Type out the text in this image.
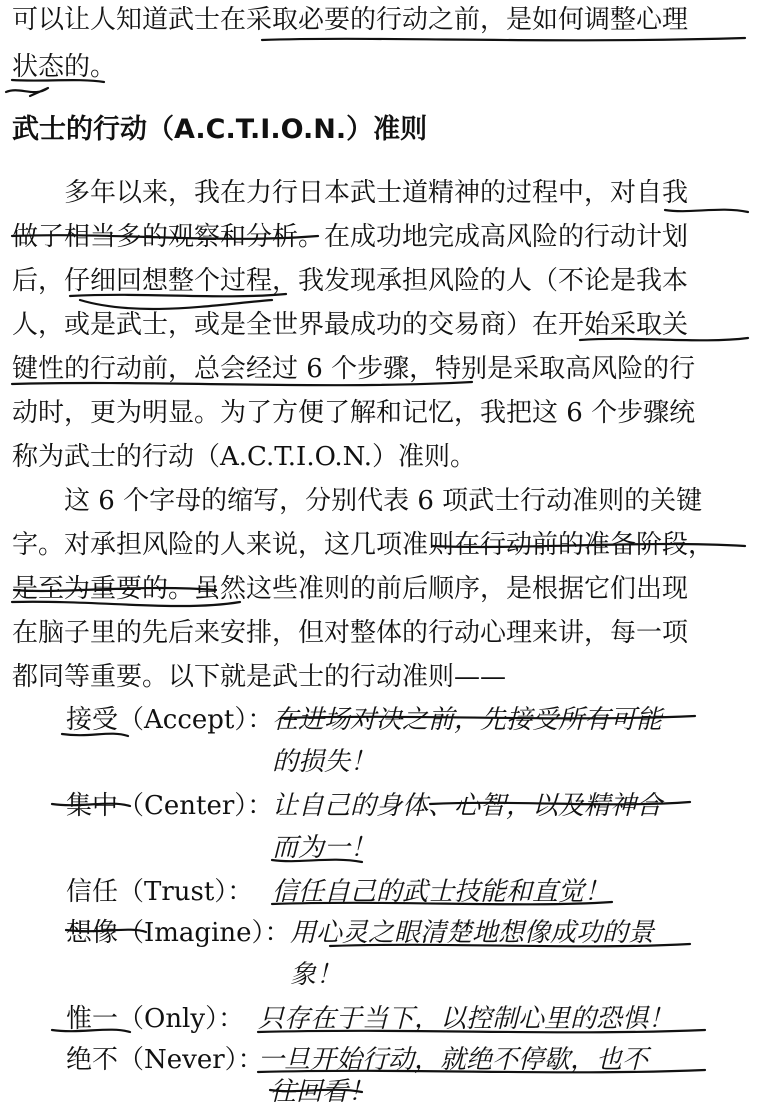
可以让人知道武士在采取必要的行动之前，是如何调整心理
状态的。
武士的行动（A.C.T.I.O.N.）准则
　　多年以来，我在力行日本武士道精神的过程中，对自我
做了相当多的观察和分析。在成功地完成高风险的行动计划
后，仔细回想整个过程，我发现承担风险的人（不论是我本
人，或是武士，或是全世界最成功的交易商）在开始采取关
键性的行动前，总会经过 6 个步骤，特别是采取高风险的行
动时，更为明显。为了方便了解和记忆，我把这 6 个步骤统
称为武士的行动（A.C.T.I.O.N.）准则。
　　这 6 个字母的缩写，分别代表 6 项武士行动准则的关键
字。对承担风险的人来说，这几项准则在行动前的准备阶段，
是至为重要的。虽然这些准则的前后顺序，是根据它们出现
在脑子里的先后来安排，但对整体的行动心理来讲，每一项
都同等重要。以下就是武士的行动准则——
接受（Accept）：
在进场对决之前，先接受所有可能
的损失！
集中（Center）：
让自己的身体、心智，以及精神合
而为一！
信任（Trust）： 信任自己的武士技能和直觉！
想像（Imagine）： 用心灵之眼清楚地想像成功的景
象！
惟一（Only）： 只存在于当下，以控制心里的恐惧！
绝不（Never）：
一旦开始行动，就绝不停歇，也不
往回看！
